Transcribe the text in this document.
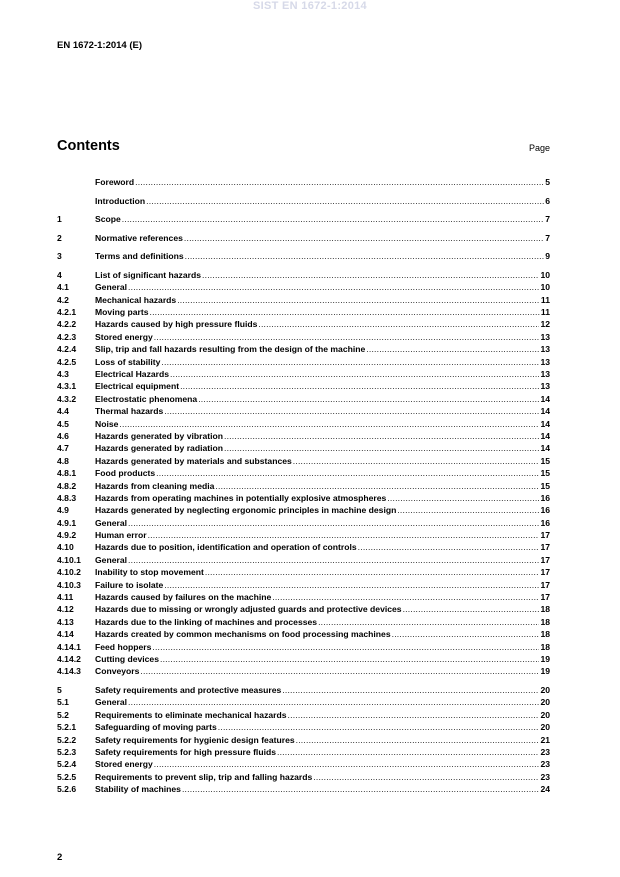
SIST EN 1672-1:2014
EN 1672-1:2014 (E)
Contents	Page
Foreword .....	5
Introduction .....	6
1	Scope .....	7
2	Normative references .....	7
3	Terms and definitions .....	9
4	List of significant hazards .....	10
4.1	General .....	10
4.2	Mechanical hazards .....	11
4.2.1	Moving parts .....	11
4.2.2	Hazards caused by high pressure fluids .....	12
4.2.3	Stored energy .....	13
4.2.4	Slip, trip and fall hazards resulting from the design of the machine .....	13
4.2.5	Loss of stability .....	13
4.3	Electrical Hazards .....	13
4.3.1	Electrical equipment .....	13
4.3.2	Electrostatic phenomena .....	14
4.4	Thermal hazards .....	14
4.5	Noise .....	14
4.6	Hazards generated by vibration .....	14
4.7	Hazards generated by radiation .....	14
4.8	Hazards generated by materials and substances .....	15
4.8.1	Food products .....	15
4.8.2	Hazards from cleaning media .....	15
4.8.3	Hazards from operating machines in potentially explosive atmospheres .....	16
4.9	Hazards generated by neglecting ergonomic principles in machine design .....	16
4.9.1	General .....	16
4.9.2	Human error .....	17
4.10	Hazards due to position, identification and operation of controls .....	17
4.10.1	General .....	17
4.10.2	Inability to stop movement .....	17
4.10.3	Failure to isolate .....	17
4.11	Hazards caused by failures on the machine .....	17
4.12	Hazards due to missing or wrongly adjusted guards and protective devices .....	18
4.13	Hazards due to the linking of machines and processes .....	18
4.14	Hazards created by common mechanisms on food processing machines .....	18
4.14.1	Feed hoppers .....	18
4.14.2	Cutting devices .....	19
4.14.3	Conveyors .....	19
5	Safety requirements and protective measures .....	20
5.1	General .....	20
5.2	Requirements to eliminate mechanical hazards .....	20
5.2.1	Safeguarding of moving parts .....	20
5.2.2	Safety requirements for hygienic design features .....	21
5.2.3	Safety requirements for high pressure fluids .....	23
5.2.4	Stored energy .....	23
5.2.5	Requirements to prevent slip, trip and falling hazards .....	23
5.2.6	Stability of machines .....	24
2
